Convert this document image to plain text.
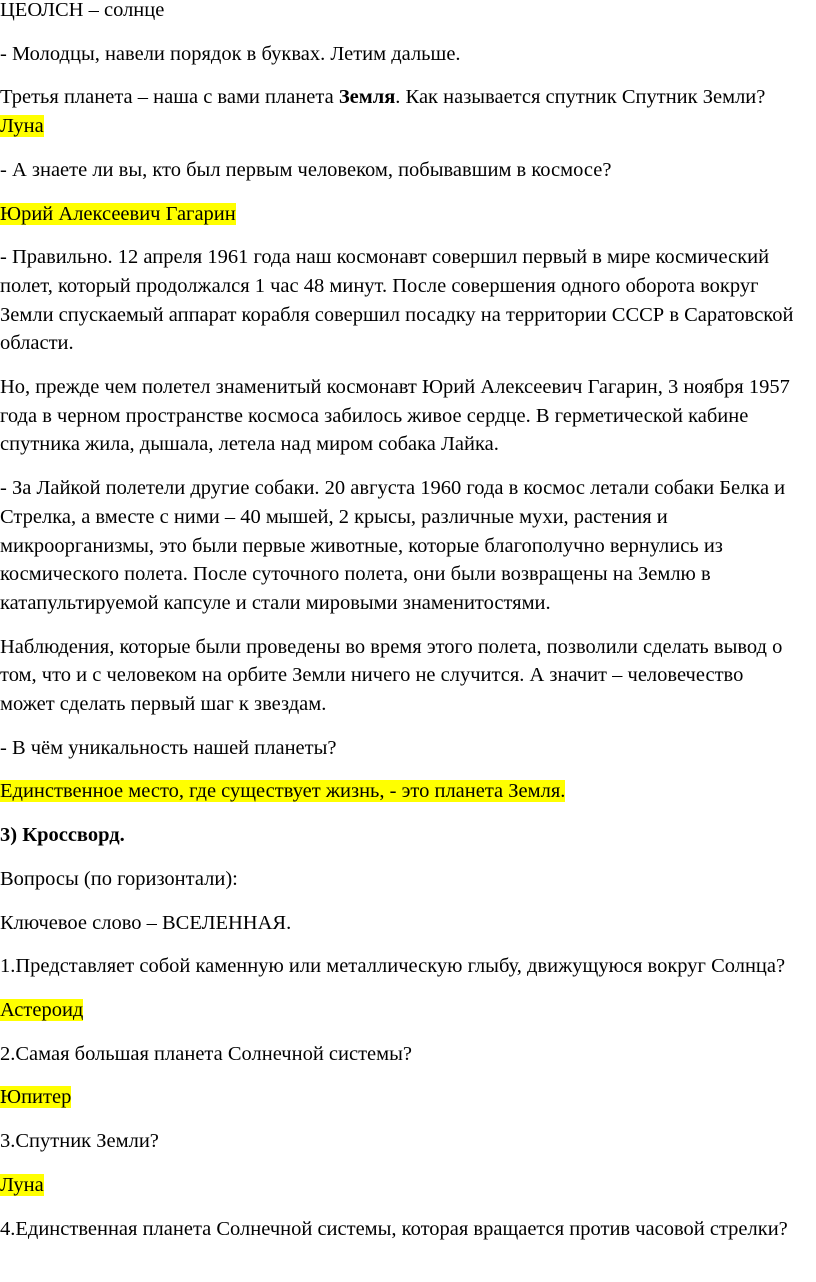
ЦЕОЛСН – солнце

- Молодцы, навели порядок в буквах. Летим дальше.

Третья планета – наша с вами планета Земля. Как называется спутник Спутник Земли?

Луна

- А знаете ли вы, кто был первым человеком, побывавшим в космосе?

Юрий Алексеевич Гагарин

- Правильно. 12 апреля 1961 года наш космонавт совершил первый в мире космический

полет, который продолжался 1 час 48 минут. После совершения одного оборота вокруг

Земли спускаемый аппарат корабля совершил посадку на территории СССР в Саратовской

области.

Но, прежде чем полетел знаменитый космонавт Юрий Алексеевич Гагарин, 3 ноября 1957

года в черном пространстве космоса забилось живое сердце. В герметической кабине

спутника жила, дышала, летела над миром собака Лайка.

- За Лайкой полетели другие собаки. 20 августа 1960 года в космос летали собаки Белка и

Стрелка, а вместе с ними – 40 мышей, 2 крысы, различные мухи, растения и

микроорганизмы, это были первые животные, которые благополучно вернулись из

космического полета. После суточного полета, они были возвращены на Землю в

катапультируемой капсуле и стали мировыми знаменитостями.

Наблюдения, которые были проведены во время этого полета, позволили сделать вывод о

том, что и с человеком на орбите Земли ничего не случится. А значит – человечество

может сделать первый шаг к звездам.

- В чём уникальность нашей планеты?

Единственное место, где существует жизнь, - это планета Земля.

3) Кроссворд.

Вопросы (по горизонтали):

Ключевое слово – ВСЕЛЕННАЯ.

1.Представляет собой каменную или металлическую глыбу, движущуюся вокруг Солнца?

Астероид

2.Самая большая планета Солнечной системы?

Юпитер

3.Спутник Земли?

Луна

4.Единственная планета Солнечной системы, которая вращается против часовой стрелки?
